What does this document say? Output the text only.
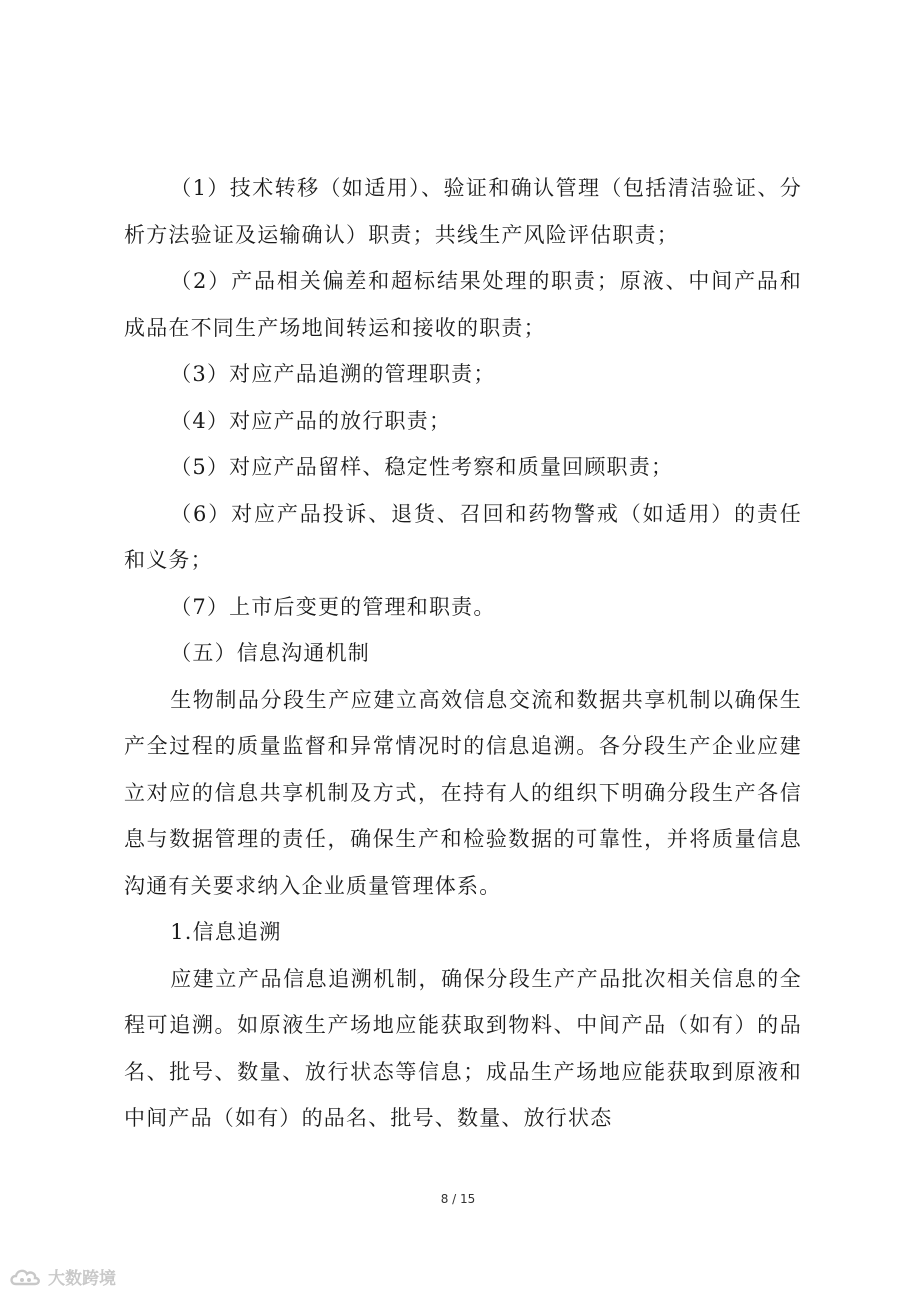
（1）技术转移（如适用）、验证和确认管理（包括清洁验证、分析方法验证及运输确认）职责；共线生产风险评估职责；

（2）产品相关偏差和超标结果处理的职责；原液、中间产品和成品在不同生产场地间转运和接收的职责；

（3）对应产品追溯的管理职责；

（4）对应产品的放行职责；

（5）对应产品留样、稳定性考察和质量回顾职责；

（6）对应产品投诉、退货、召回和药物警戒（如适用）的责任和义务；

（7）上市后变更的管理和职责。

（五）信息沟通机制

生物制品分段生产应建立高效信息交流和数据共享机制以确保生产全过程的质量监督和异常情况时的信息追溯。各分段生产企业应建立对应的信息共享机制及方式，在持有人的组织下明确分段生产各信息与数据管理的责任，确保生产和检验数据的可靠性，并将质量信息沟通有关要求纳入企业质量管理体系。

1.信息追溯

应建立产品信息追溯机制，确保分段生产产品批次相关信息的全程可追溯。如原液生产场地应能获取到物料、中间产品（如有）的品名、批号、数量、放行状态等信息；成品生产场地应能获取到原液和中间产品（如有）的品名、批号、数量、放行状态

8 / 15
大数跨境
